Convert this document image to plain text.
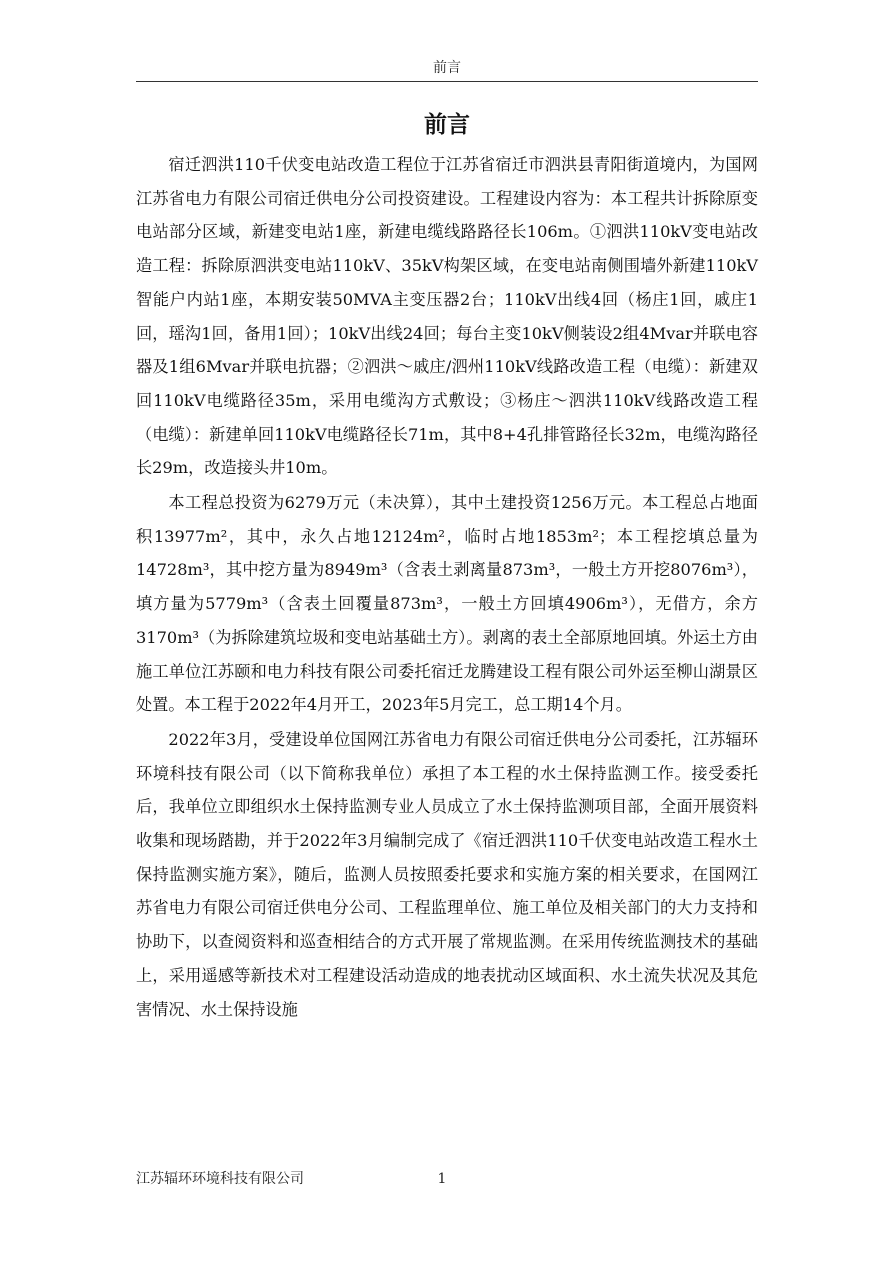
前言
前言

宿迁泗洪110千伏变电站改造工程位于江苏省宿迁市泗洪县青阳街道境内，为国网江苏省电力有限公司宿迁供电分公司投资建设。工程建设内容为：本工程共计拆除原变电站部分区域，新建变电站1座，新建电缆线路路径长106m。①泗洪110kV变电站改造工程：拆除原泗洪变电站110kV、35kV构架区域，在变电站南侧围墙外新建110kV智能户内站1座，本期安装50MVA主变压器2台；110kV出线4回（杨庄1回，戚庄1回，瑶沟1回，备用1回）；10kV出线24回；每台主变10kV侧装设2组4Mvar并联电容器及1组6Mvar并联电抗器；②泗洪～戚庄/泗州110kV线路改造工程（电缆）：新建双回110kV电缆路径35m，采用电缆沟方式敷设；③杨庄～泗洪110kV线路改造工程（电缆）：新建单回110kV电缆路径长71m，其中8+4孔排管路径长32m，电缆沟路径长29m，改造接头井10m。

本工程总投资为6279万元（未决算），其中土建投资1256万元。本工程总占地面积13977m²，其中，永久占地12124m²，临时占地1853m²；本工程挖填总量为14728m³，其中挖方量为8949m³（含表土剥离量873m³，一般土方开挖8076m³），填方量为5779m³（含表土回覆量873m³，一般土方回填4906m³），无借方，余方3170m³（为拆除建筑垃圾和变电站基础土方）。剥离的表土全部原地回填。外运土方由施工单位江苏颐和电力科技有限公司委托宿迁龙腾建设工程有限公司外运至柳山湖景区处置。本工程于2022年4月开工，2023年5月完工，总工期14个月。

2022年3月，受建设单位国网江苏省电力有限公司宿迁供电分公司委托，江苏辐环环境科技有限公司（以下简称我单位）承担了本工程的水土保持监测工作。接受委托后，我单位立即组织水土保持监测专业人员成立了水土保持监测项目部，全面开展资料收集和现场踏勘，并于2022年3月编制完成了《宿迁泗洪110千伏变电站改造工程水土保持监测实施方案》，随后，监测人员按照委托要求和实施方案的相关要求，在国网江苏省电力有限公司宿迁供电分公司、工程监理单位、施工单位及相关部门的大力支持和协助下，以查阅资料和巡查相结合的方式开展了常规监测。在采用传统监测技术的基础上，采用遥感等新技术对工程建设活动造成的地表扰动区域面积、水土流失状况及其危害情况、水土保持设施

江苏辐环环境科技有限公司	1
